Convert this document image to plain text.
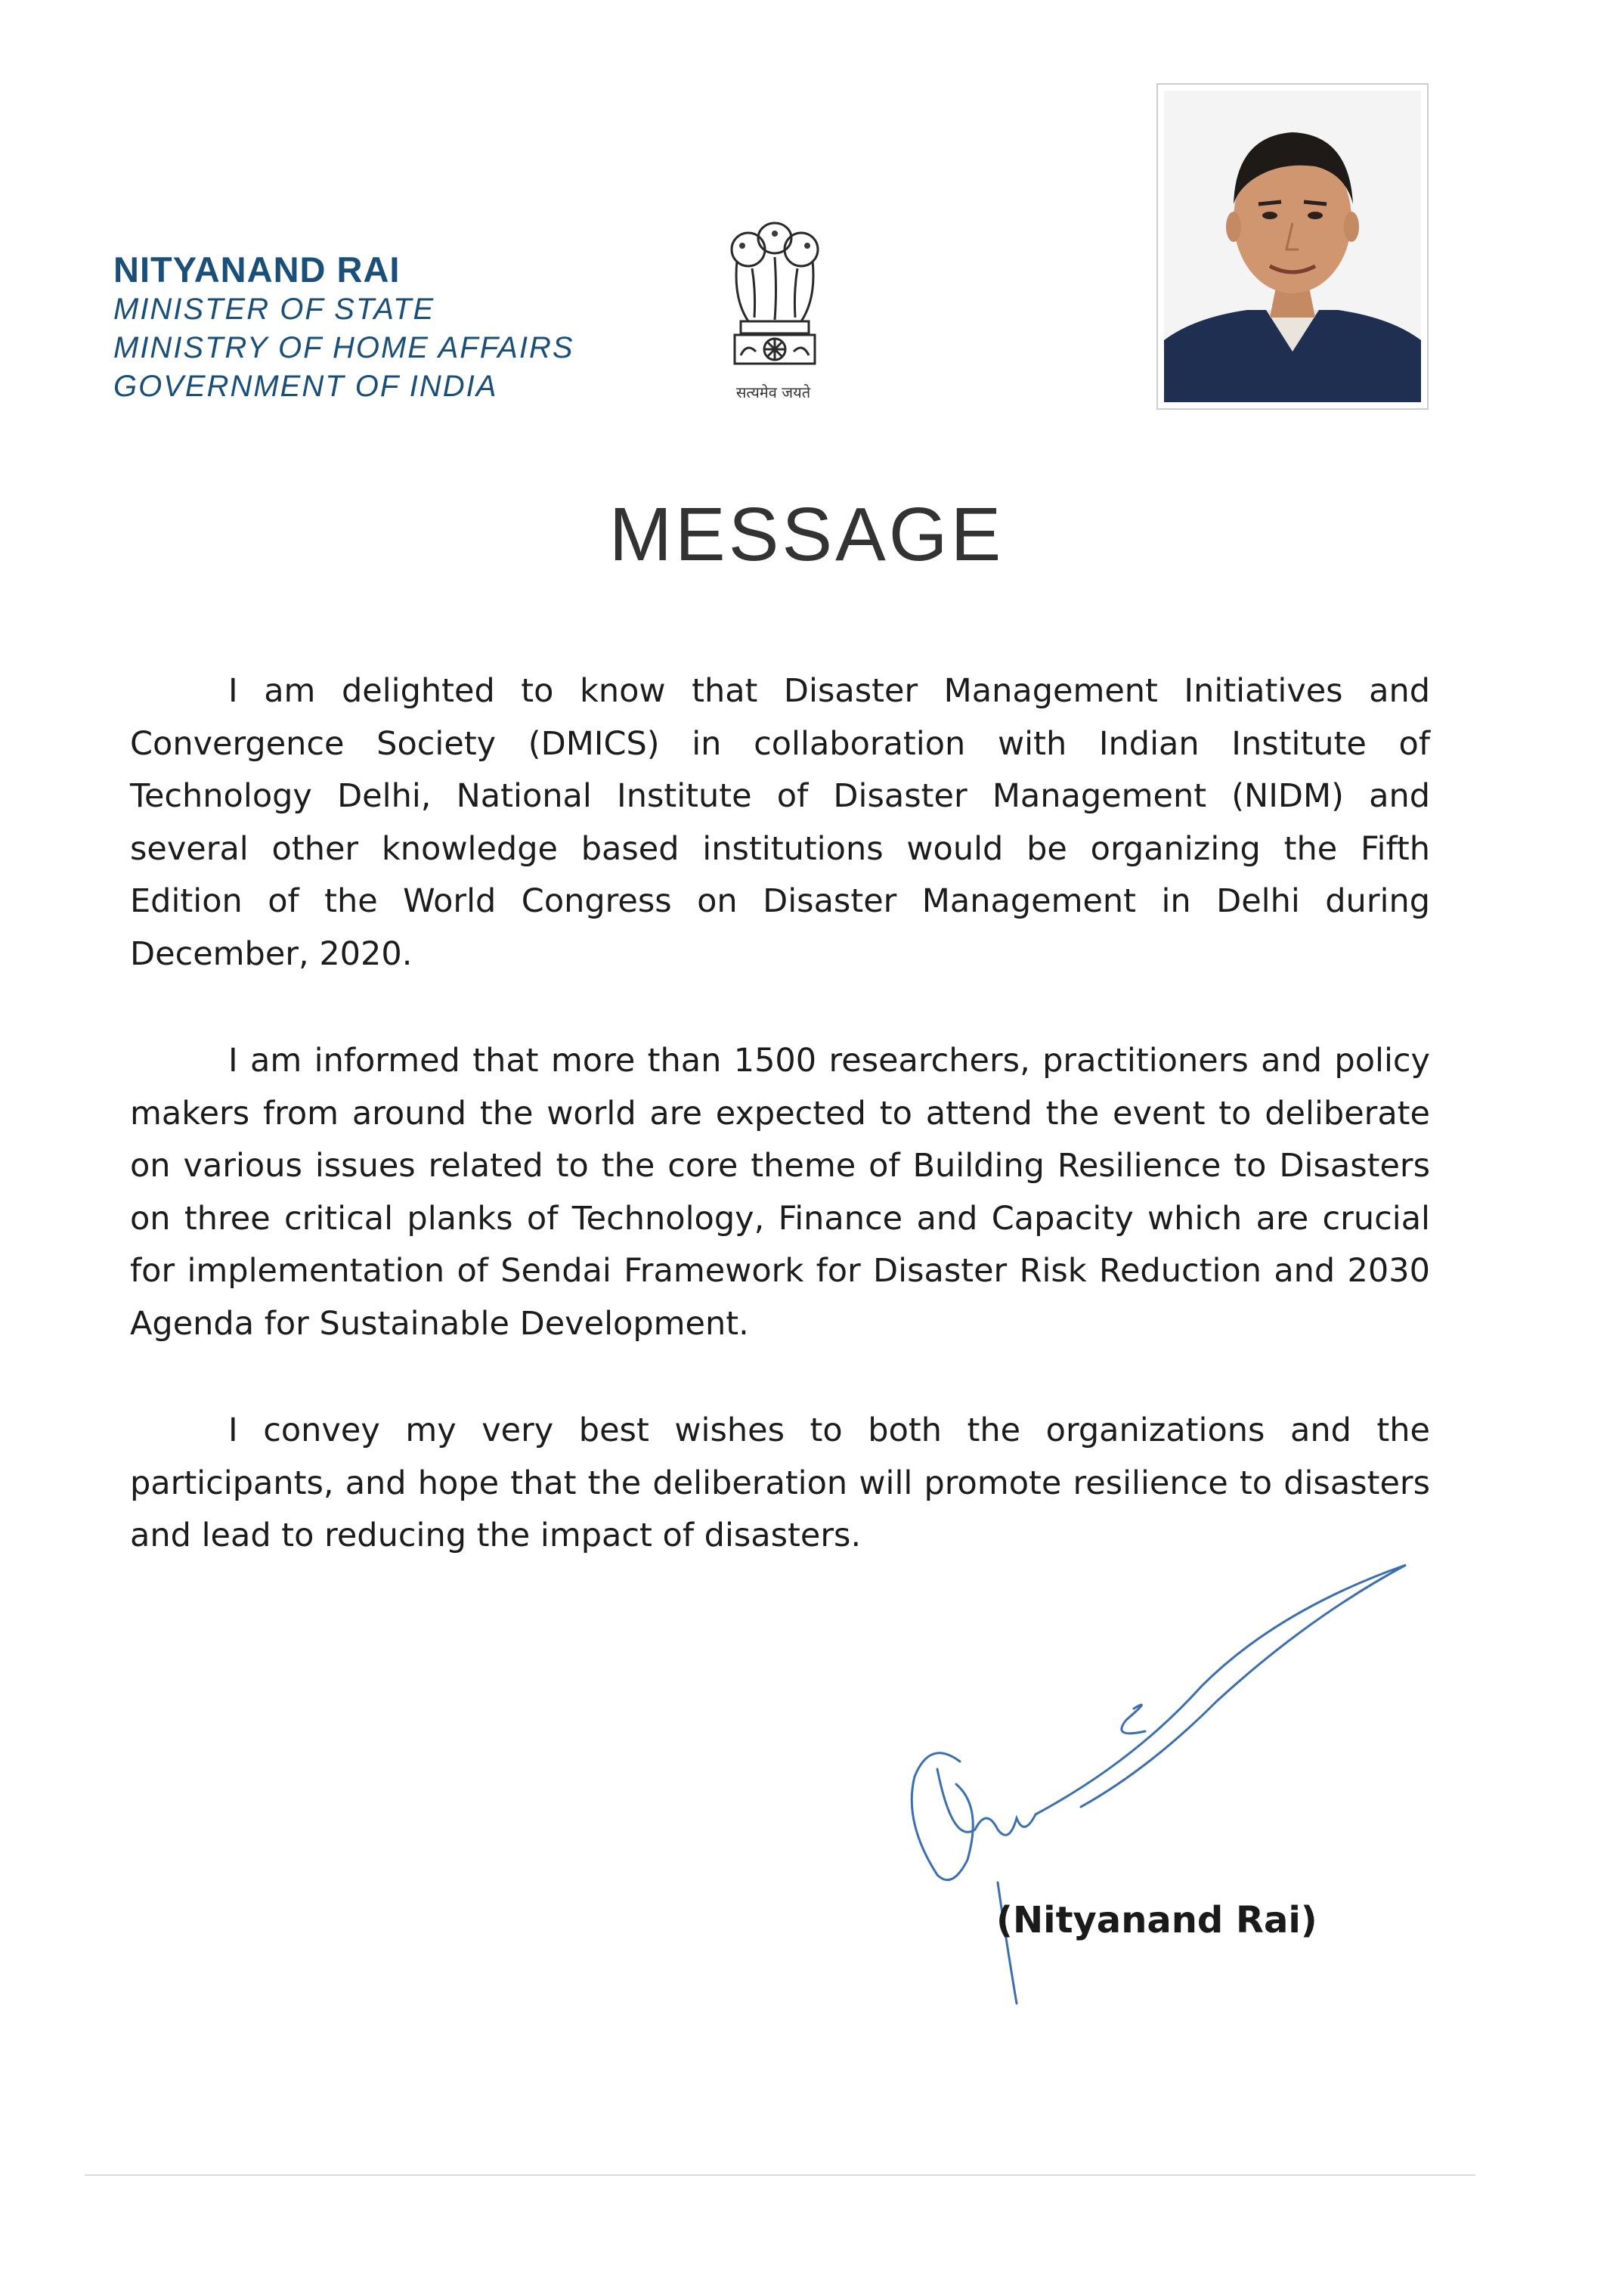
NITYANAND RAI
MINISTER OF STATE
MINISTRY OF HOME AFFAIRS
GOVERNMENT OF INDIA	सत्यमेव जयते
MESSAGE

I am delighted to know that Disaster Management Initiatives and Convergence Society (DMICS) in collaboration with Indian Institute of Technology Delhi, National Institute of Disaster Management (NIDM) and several other knowledge based institutions would be organizing the Fifth Edition of the World Congress on Disaster Management in Delhi during December, 2020.

I am informed that more than 1500 researchers, practitioners and policy makers from around the world are expected to attend the event to deliberate on various issues related to the core theme of Building Resilience to Disasters on three critical planks of Technology, Finance and Capacity which are crucial for implementation of Sendai Framework for Disaster Risk Reduction and 2030 Agenda for Sustainable Development.

I convey my very best wishes to both the organizations and the participants, and hope that the deliberation will promote resilience to disasters and lead to reducing the impact of disasters.

(Nityanand Rai)
